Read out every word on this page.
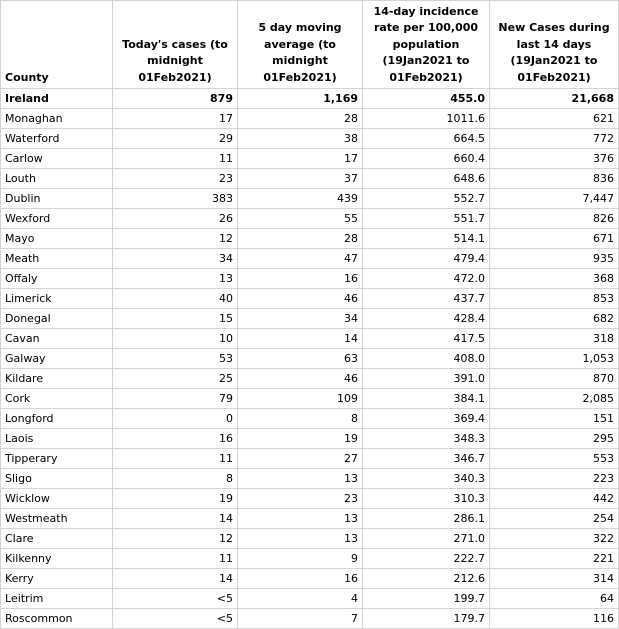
County	Today's cases (to midnight 01Feb2021)	5 day moving average (to midnight 01Feb2021)	14-day incidence rate per 100,000 population (19Jan2021 to 01Feb2021)	New Cases during last 14 days (19Jan2021 to 01Feb2021)
Ireland	879	1,169	455.0	21,668
Monaghan	17	28	1011.6	621
Waterford	29	38	664.5	772
Carlow	11	17	660.4	376
Louth	23	37	648.6	836
Dublin	383	439	552.7	7,447
Wexford	26	55	551.7	826
Mayo	12	28	514.1	671
Meath	34	47	479.4	935
Offaly	13	16	472.0	368
Limerick	40	46	437.7	853
Donegal	15	34	428.4	682
Cavan	10	14	417.5	318
Galway	53	63	408.0	1,053
Kildare	25	46	391.0	870
Cork	79	109	384.1	2,085
Longford	0	8	369.4	151
Laois	16	19	348.3	295
Tipperary	11	27	346.7	553
Sligo	8	13	340.3	223
Wicklow	19	23	310.3	442
Westmeath	14	13	286.1	254
Clare	12	13	271.0	322
Kilkenny	11	9	222.7	221
Kerry	14	16	212.6	314
Leitrim	<5	4	199.7	64
Roscommon	<5	7	179.7	116
